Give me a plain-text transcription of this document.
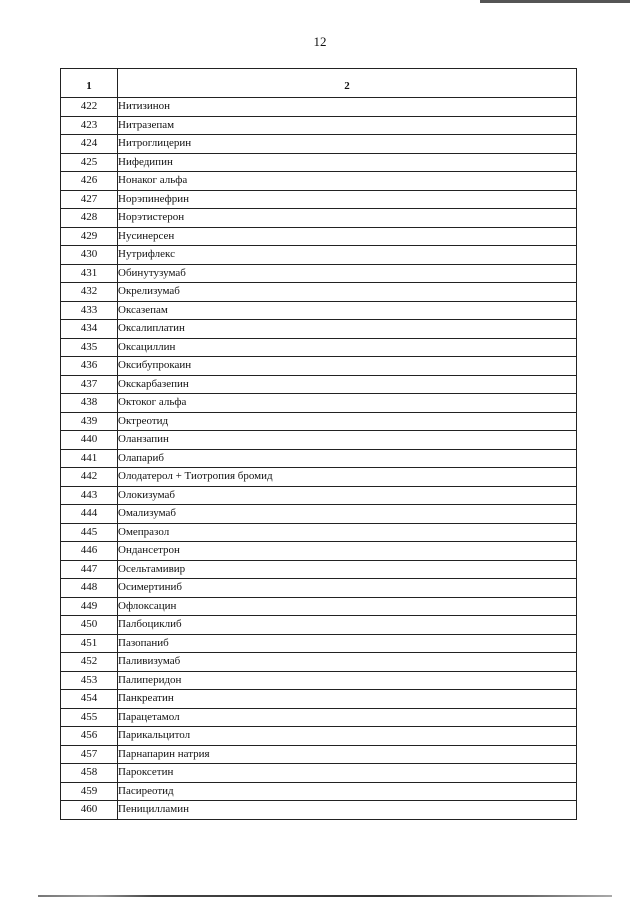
12
1	2
422	Нитизинон
423	Нитразепам
424	Нитроглицерин
425	Нифедипин
426	Нонаког альфа
427	Норэпинефрин
428	Норэтистерон
429	Нусинерсен
430	Нутрифлекс
431	Обинутузумаб
432	Окрелизумаб
433	Оксазепам
434	Оксалиплатин
435	Оксациллин
436	Оксибупрокаин
437	Окскарбазепин
438	Октоког альфа
439	Октреотид
440	Оланзапин
441	Олапариб
442	Олодатерол + Тиотропия бромид
443	Олокизумаб
444	Омализумаб
445	Омепразол
446	Ондансетрон
447	Осельтамивир
448	Осимертиниб
449	Офлоксацин
450	Палбоциклиб
451	Пазопаниб
452	Паливизумаб
453	Палиперидон
454	Панкреатин
455	Парацетамол
456	Парикальцитол
457	Парнапарин натрия
458	Пароксетин
459	Пасиреотид
460	Пеницилламин
